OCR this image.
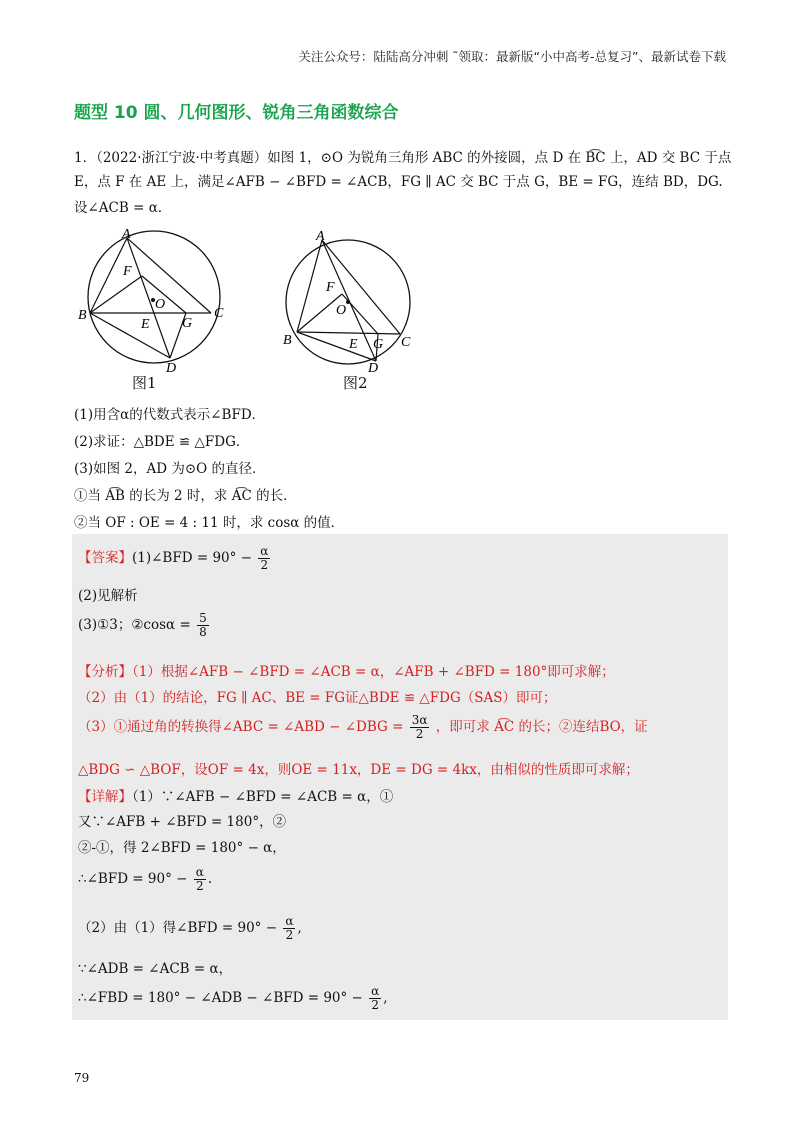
关注公众号：陆陆高分冲刺 ˜领取：最新版“小中高考-总复习”、最新试卷下载
题型 10 圆、几何图形、锐角三角函数综合
1．（2022·浙江宁波·中考真题）如图 1，⊙O 为锐角三角形 ABC 的外接圆，点 D 在 B͡C 上，AD 交 BC 于点
E，点 F 在 AE 上，满足∠AFB − ∠BFD = ∠ACB，FG ∥ AC 交 BC 于点 G，BE = FG，连结 BD，DG.
设∠ACB = α．
A
B	C
D
E
F
G
O
图1
A
B	C
D
E
F
G
O
图2
(1)用含α的代数式表示∠BFD．
(2)求证：△BDE ≌ △FDG．
(3)如图 2，AD 为⊙O 的直径．
①当 A͡B 的长为 2 时，求 A͡C 的长．
②当 OF : OE = 4 : 11 时，求 cosα 的值．
【答案】(1)∠BFD = $90^\circ - \frac{\alpha}{2}$
(2)见解析
(3)①3；②cosα = $\frac{5}{8}$
【分析】（1）根据∠AFB − ∠BFD = ∠ACB = α，∠AFB + ∠BFD = 180°即可求解；
（2）由（1）的结论，FG ∥ AC、BE = FG证△BDE ≌ △FDG（SAS）即可；
（3）①通过角的转换得∠ABC = ∠ABD − ∠DBG = $\frac{3\alpha}{2}$ ，即可求 A͡C 的长；②连结BO，证
△BDG ∽ △BOF，设OF = 4x，则OE = 11x，DE = DG = 4kx，由相似的性质即可求解；
【详解】（1）∵∠AFB − ∠BFD = ∠ACB = α，①
又∵∠AFB + ∠BFD = 180°，②
②-①，得 2∠BFD = 180° − α，
∴∠BFD = $90^\circ - \frac{\alpha}{2}$ .
（2）由（1）得∠BFD = $90^\circ - \frac{\alpha}{2}$ ,
∵∠ADB = ∠ACB = α，
∴∠FBD = 180° − ∠ADB − ∠BFD = $90^\circ - \frac{\alpha}{2}$ ,
79
